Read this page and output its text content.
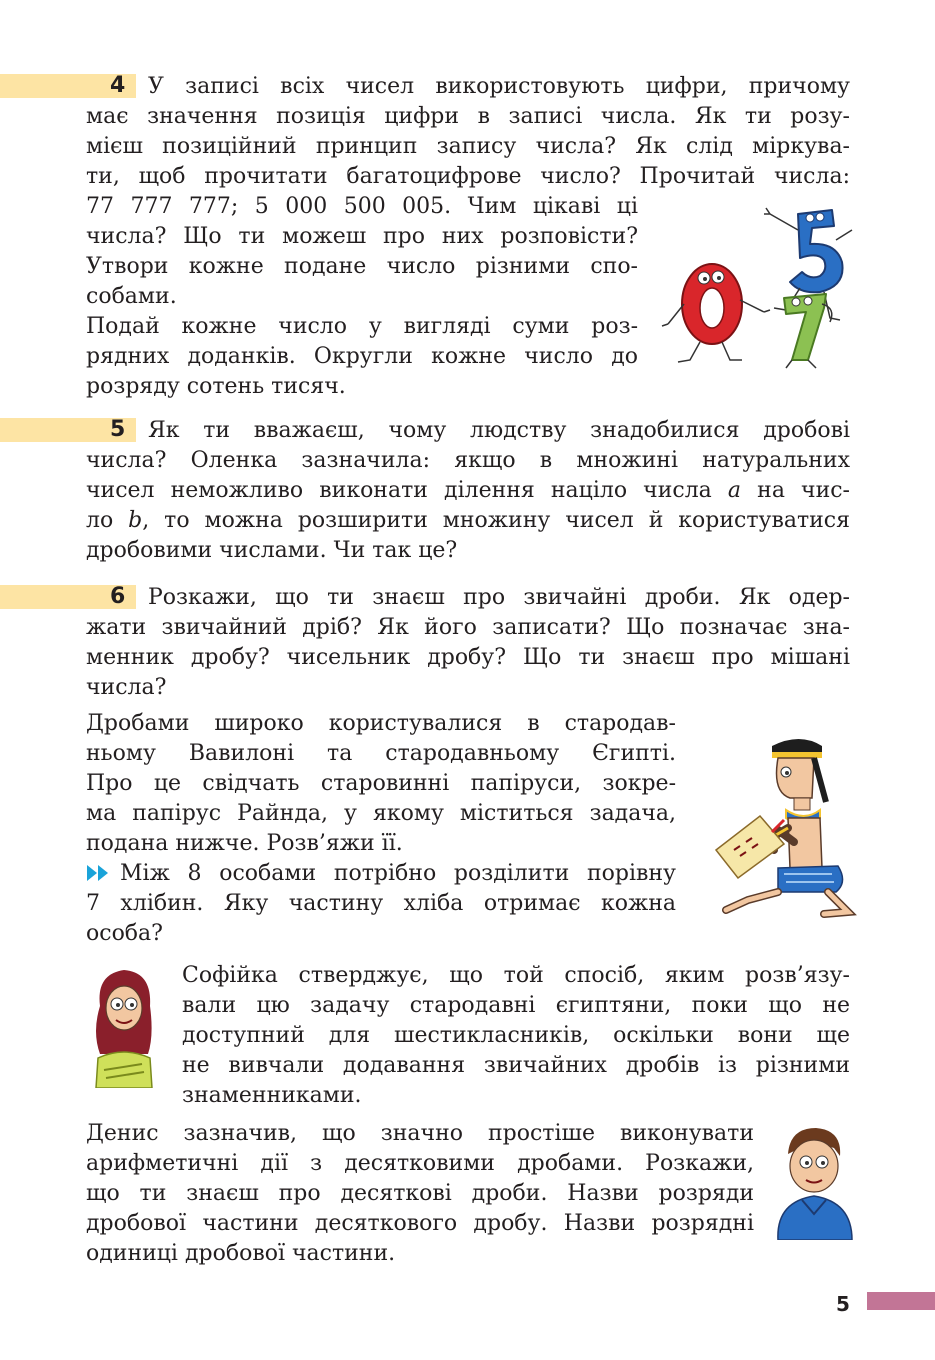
4 У записі всіх чисел використовують цифри, причому

має значення позиція цифри в записі числа. Як ти розу-

мієш позиційний принцип запису числа? Як слід міркува-

ти, щоб прочитати багатоцифрове число? Прочитай числа:

77 777 777; 5 000 500 005. Чим цікаві ці

числа? Що ти можеш про них розповісти?

Утвори кожне подане число різними спо-

собами.

Подай кожне число у вигляді суми роз-

рядних доданків. Округли кожне число до

розряду сотень тисяч.

5 Як ти вважаєш, чому людству знадобилися дробові

числа? Оленка зазначила: якщо в множині натуральних

чисел неможливо виконати ділення націло числа a на чис-

ло b, то можна розширити множину чисел й користуватися

дробовими числами. Чи так це?

6 Розкажи, що ти знаєш про звичайні дроби. Як одер-

жати звичайний дріб? Як його записати? Що позначає зна-

менник дробу? чисельник дробу? Що ти знаєш про мішані

числа?

Дробами широко користувалися в стародав-

ньому Вавилоні та стародавньому Єгипті.

Про це свідчать старовинні папіруси, зокре-

ма папірус Райнда, у якому міститься задача,

подана нижче. Розв’яжи її.

Між 8 особами потрібно розділити порівну

7 хлібин. Яку частину хліба отримає кожна

особа?

Софійка стверджує, що той спосіб, яким розв’язу-

вали цю задачу стародавні єгиптяни, поки що не

доступний для шестикласників, оскільки вони ще

не вивчали додавання звичайних дробів із різними

знаменниками.

Денис зазначив, що значно простіше виконувати

арифметичні дії з десятковими дробами. Розкажи,

що ти знаєш про десяткові дроби. Назви розряди

дробової частини десяткового дробу. Назви розрядні

одиниці дробової частини.

5
